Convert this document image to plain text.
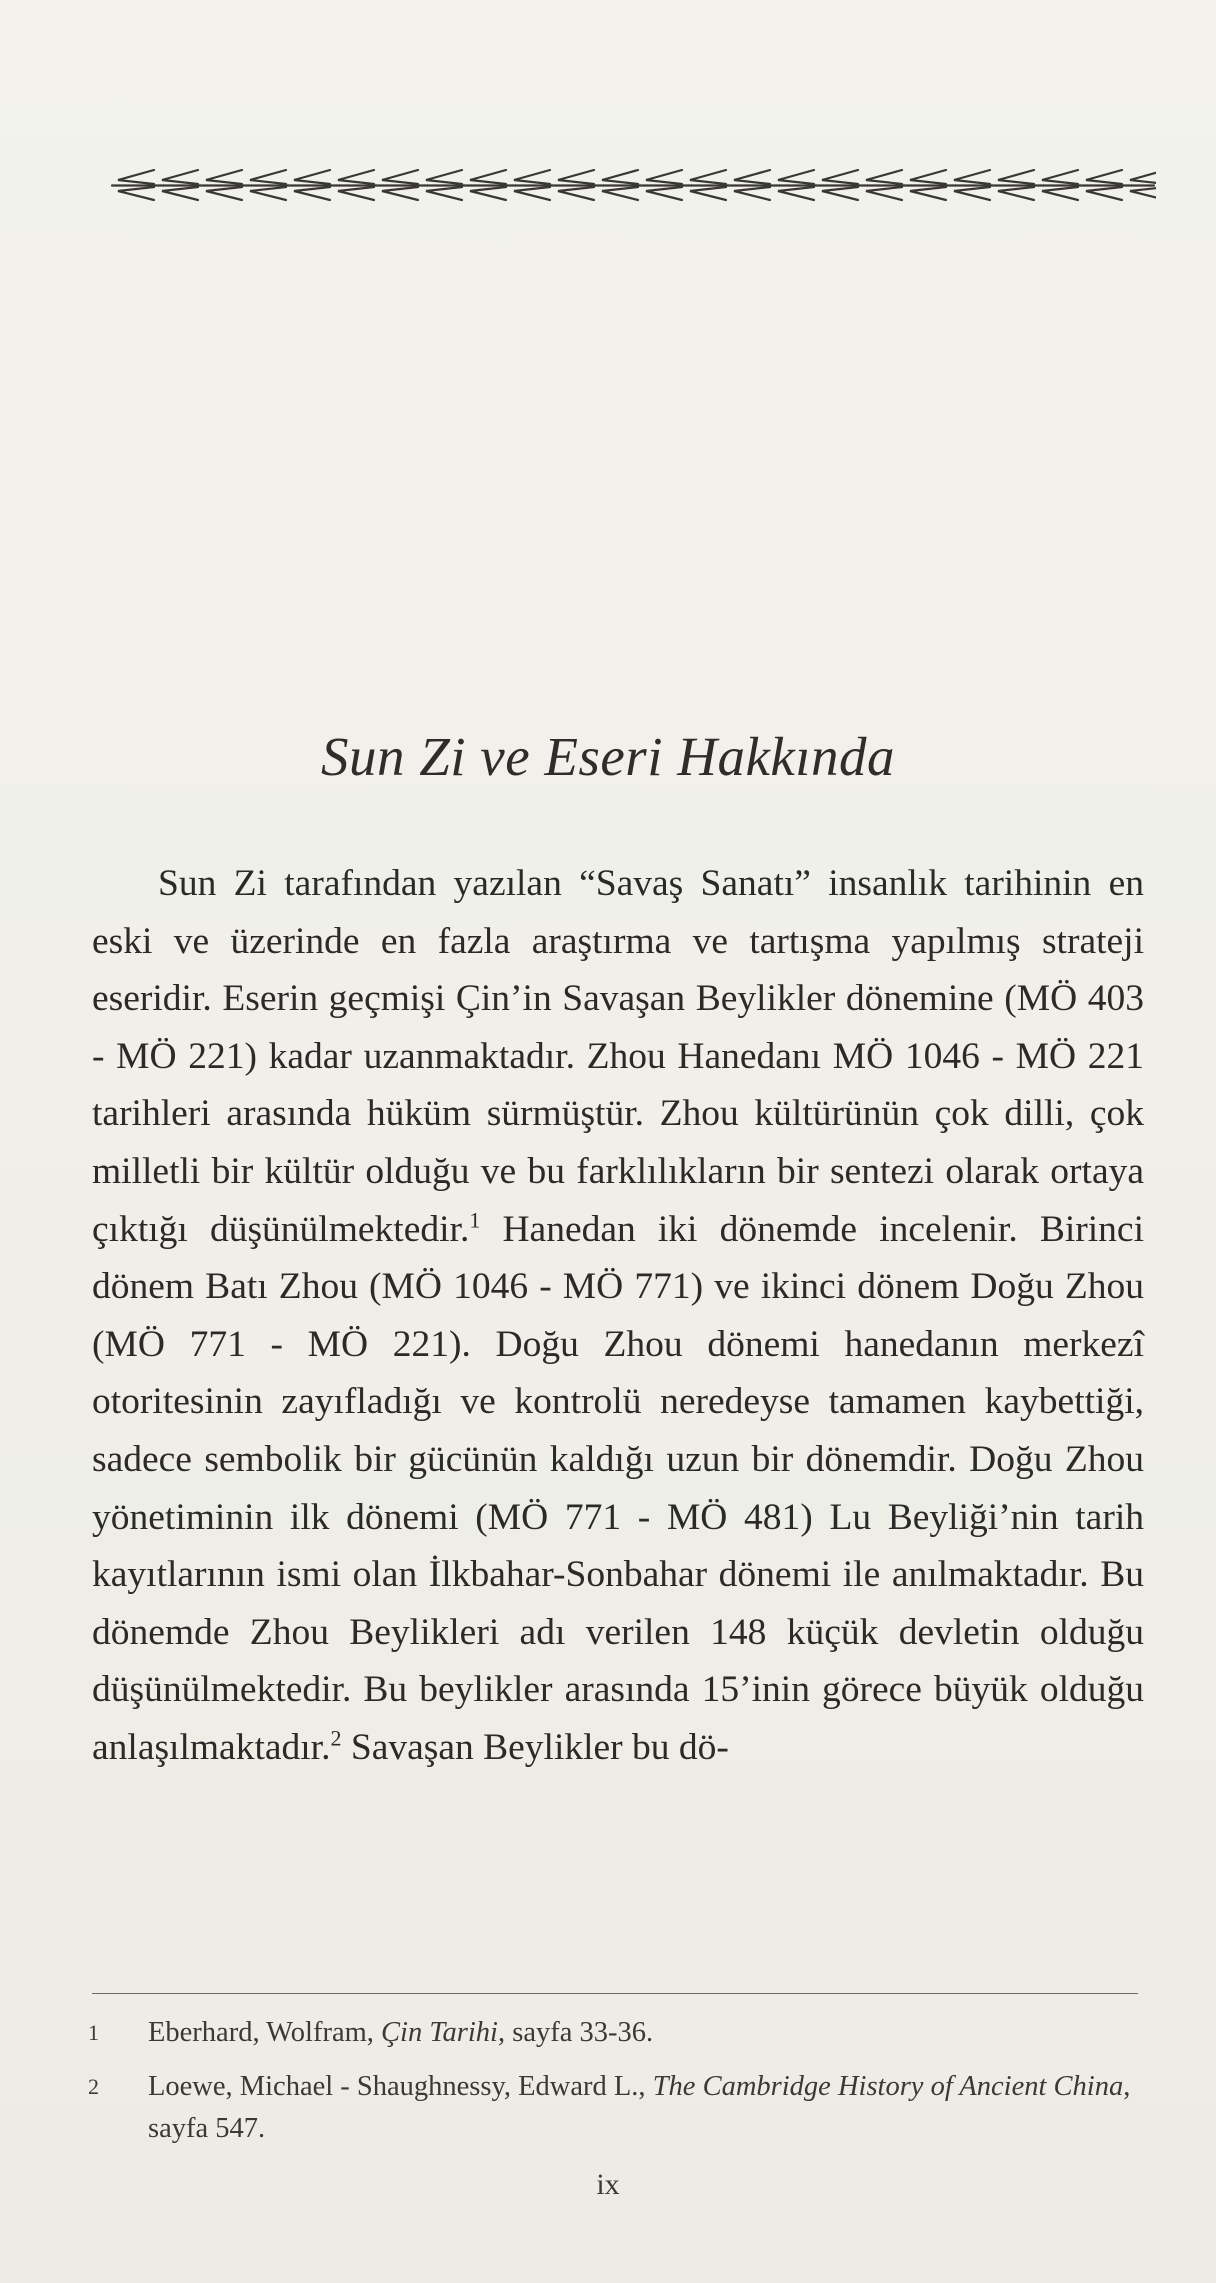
Sun Zi ve Eseri Hakkında

Sun Zi tarafından yazılan “Savaş Sanatı” insanlık tarihinin en eski ve üzerinde en fazla araştırma ve tartışma yapılmış strateji eseridir. Eserin geçmişi Çin’in Savaşan Beylikler dönemine (MÖ 403 - MÖ 221) kadar uzanmaktadır. Zhou Hanedanı MÖ 1046 - MÖ 221 tarihleri arasında hüküm sürmüştür. Zhou kültürünün çok dilli, çok milletli bir kültür olduğu ve bu farklılıkların bir sentezi olarak ortaya çıktığı düşünülmektedir.$^1$ Hanedan iki dönemde incelenir. Birinci dönem Batı Zhou (MÖ 1046 - MÖ 771) ve ikinci dönem Doğu Zhou (MÖ 771 - MÖ 221). Doğu Zhou dönemi hanedanın merkezî otoritesinin zayıfladığı ve kontrolü neredeyse tamamen kaybettiği, sadece sembolik bir gücünün kaldığı uzun bir dönemdir. Doğu Zhou yönetiminin ilk dönemi (MÖ 771 - MÖ 481) Lu Beyliği’nin tarih kayıtlarının ismi olan İlkbahar-Sonbahar dönemi ile anılmaktadır. Bu dönemde Zhou Beylikleri adı verilen 148 küçük devletin olduğu düşünülmektedir. Bu beylikler arasında 15’inin görece büyük olduğu anlaşılmaktadır.$^2$ Savaşan Beylikler bu dö-

1 Eberhard, Wolfram, Çin Tarihi, sayfa 33-36.
2 Loewe, Michael - Shaughnessy, Edward L., The Cambridge History of Ancient China, sayfa 547.
ix
